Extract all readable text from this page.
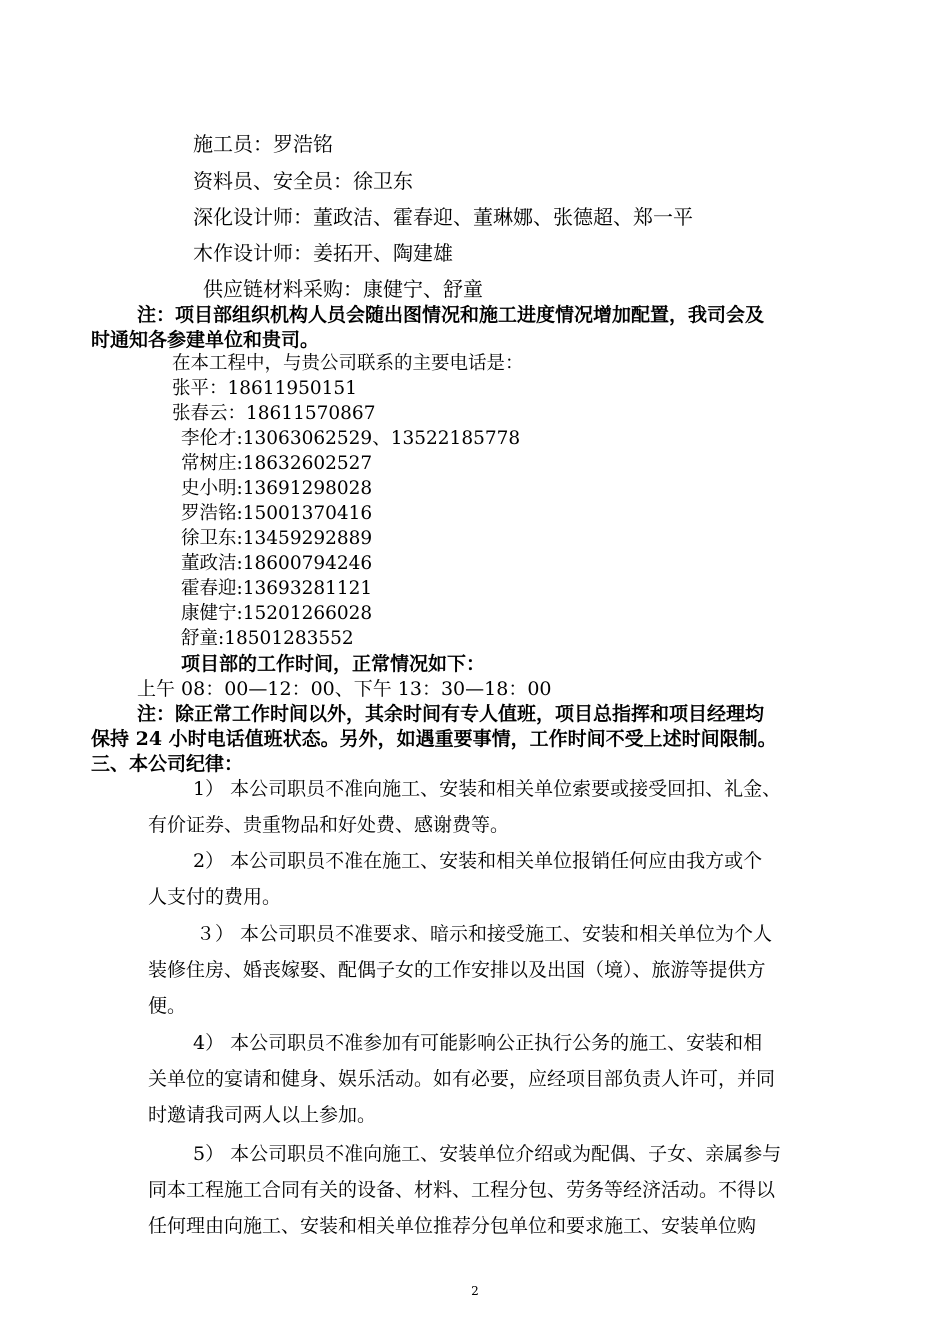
施工员：罗浩铭
资料员、安全员：徐卫东
深化设计师：董政洁、霍春迎、董琳娜、张德超、郑一平
木作设计师：姜拓开、陶建雄
供应链材料采购：康健宁、舒童
注：项目部组织机构人员会随出图情况和施工进度情况增加配置，我司会及
时通知各参建单位和贵司。
在本工程中，与贵公司联系的主要电话是：
张平：18611950151
张春云：18611570867
李伦才:13063062529、13522185778
常树庄:18632602527
史小明:13691298028
罗浩铭:15001370416
徐卫东:13459292889
董政洁:18600794246
霍春迎:13693281121
康健宁:15201266028
舒童:18501283552
项目部的工作时间，正常情况如下：
上午 08：00—12：00、下午 13：30—18：00
注：除正常工作时间以外，其余时间有专人值班，项目总指挥和项目经理均
保持 24 小时电话值班状态。另外，如遇重要事情，工作时间不受上述时间限制。
三、本公司纪律：
1） 本公司职员不准向施工、安装和相关单位索要或接受回扣、礼金、
有价证券、贵重物品和好处费、感谢费等。
2） 本公司职员不准在施工、安装和相关单位报销任何应由我方或个
人支付的费用。
３） 本公司职员不准要求、暗示和接受施工、安装和相关单位为个人
装修住房、婚丧嫁娶、配偶子女的工作安排以及出国（境）、旅游等提供方
便。
4） 本公司职员不准参加有可能影响公正执行公务的施工、安装和相
关单位的宴请和健身、娱乐活动。如有必要，应经项目部负责人许可，并同
时邀请我司两人以上参加。
5） 本公司职员不准向施工、安装单位介绍或为配偶、子女、亲属参与
同本工程施工合同有关的设备、材料、工程分包、劳务等经济活动。不得以
任何理由向施工、安装和相关单位推荐分包单位和要求施工、安装单位购
2
